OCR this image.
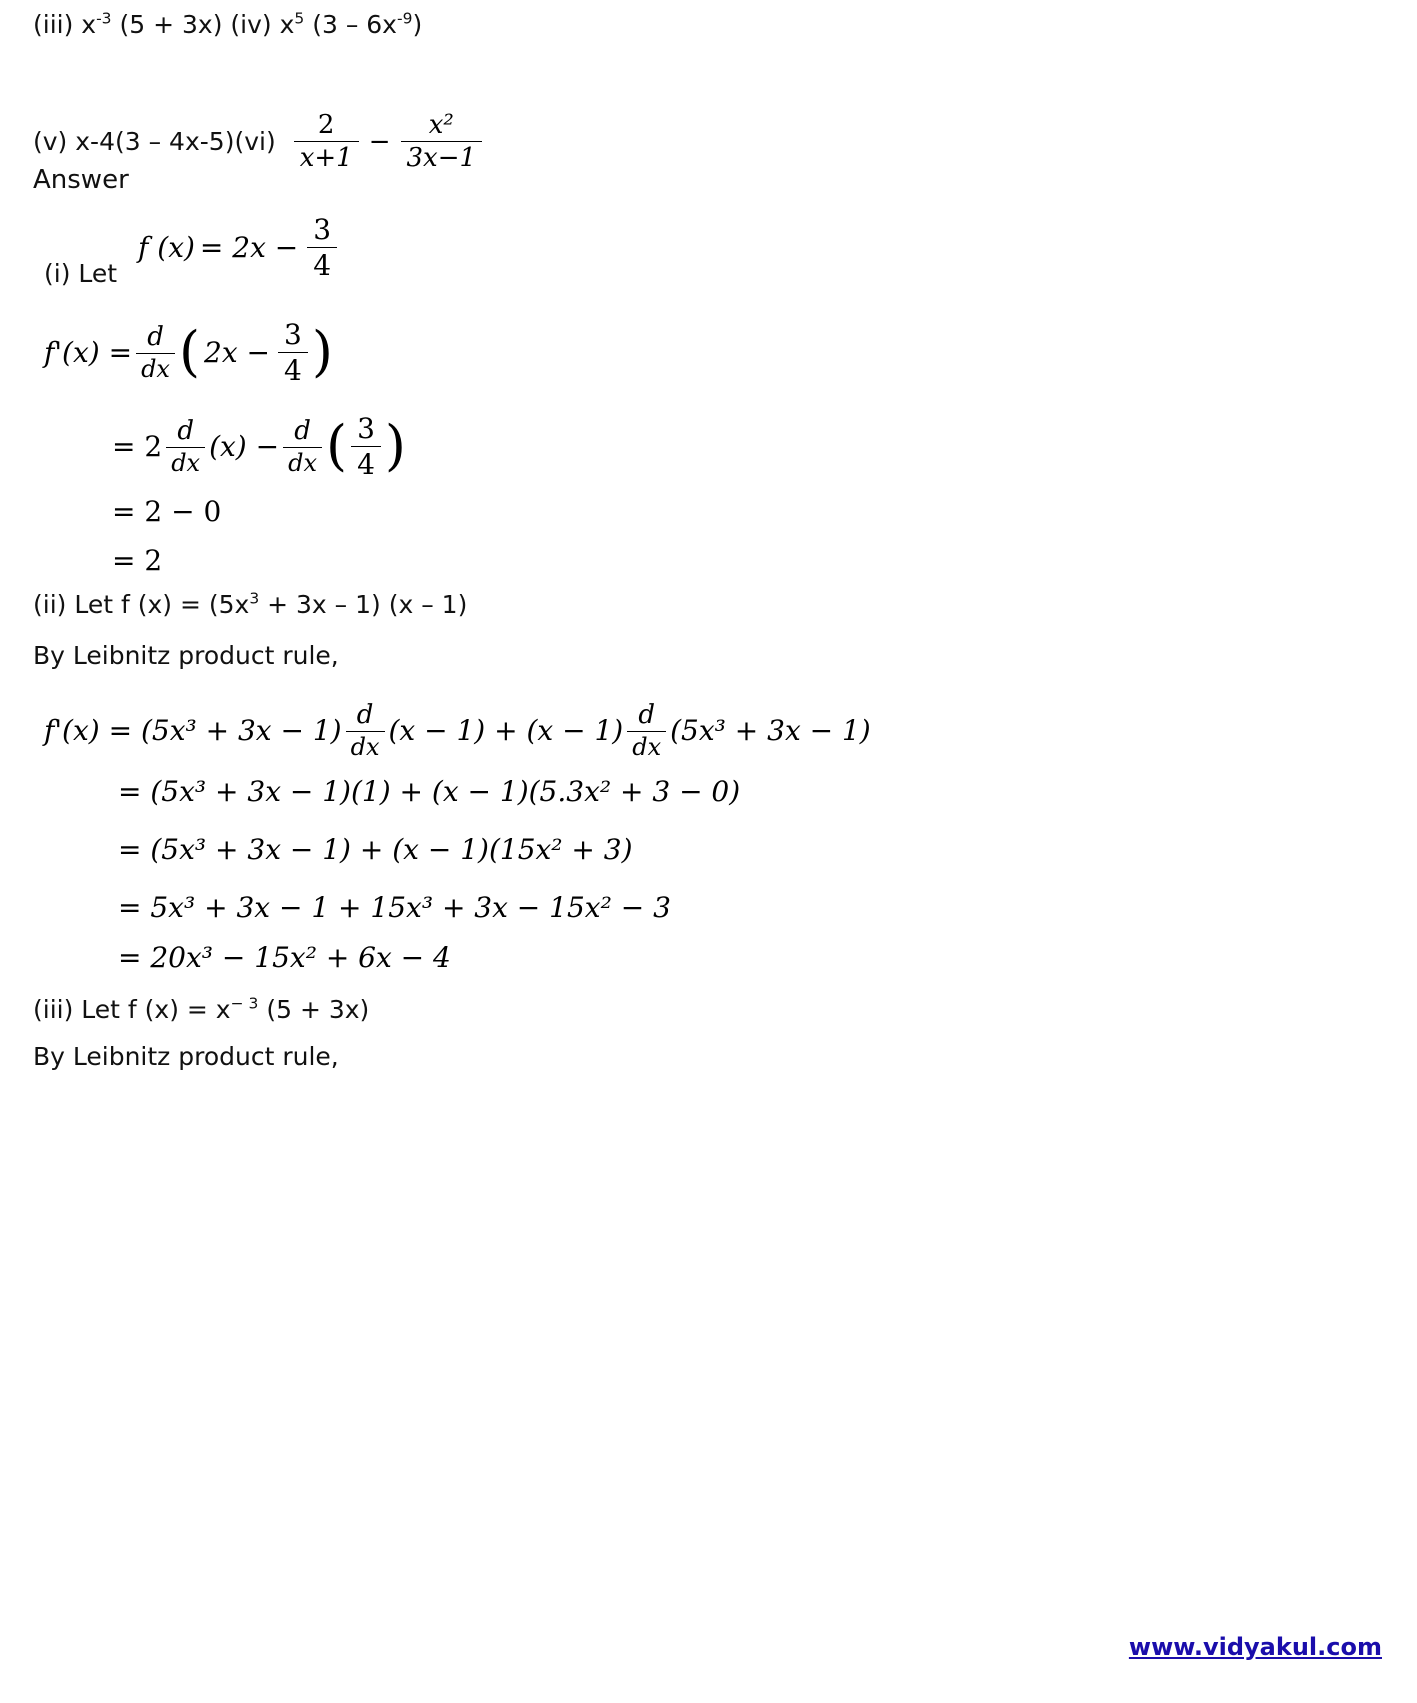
(iii) $x^{-3}$ (5 + 3x) (iv) $x^5$ $(3 - 6x^{-9})$
(v) x -4 (3 – 4x -5 ) $(vi) \frac{2}{x+1} - \frac{\text{x²}}{3x-1}$
Answer
(i) Let
f $(x) = 2x - \frac{3}{4}$
$f'(x) = \frac{d}{dx}$ ( $2x - \frac{3}{4}$ )
= $2 \frac{d}{dx} (x) - \frac{d}{dx}$ ( $\frac{3}{4}$ )
= 2 − 0
= 2
(ii) Let f $(x) = (5x^3 + 3x - 1)$ (x – 1)
By Leibnitz product rule,
$f'(x) = (5x^3 + 3x - 1) \frac{d}{dx} (x - 1) + (x - 1) \frac{d}{dx} (5x^3 + 3x - 1)$
= (5x³ + 3x − 1)(1) + (x − 1)(5.3x² + 3 − 0)
= (5x³ + 3x − 1) + (x − 1)(15x² + 3)
= 5x³ + 3x − 1 + 15x³ + 3x − 15x² − 3
= 20x³ − 15x² + 6x − 4
(iii) Let f $(x) = x^{- 3}$ (5 + 3x)
By Leibnitz product rule,
www.vidyakul.com
